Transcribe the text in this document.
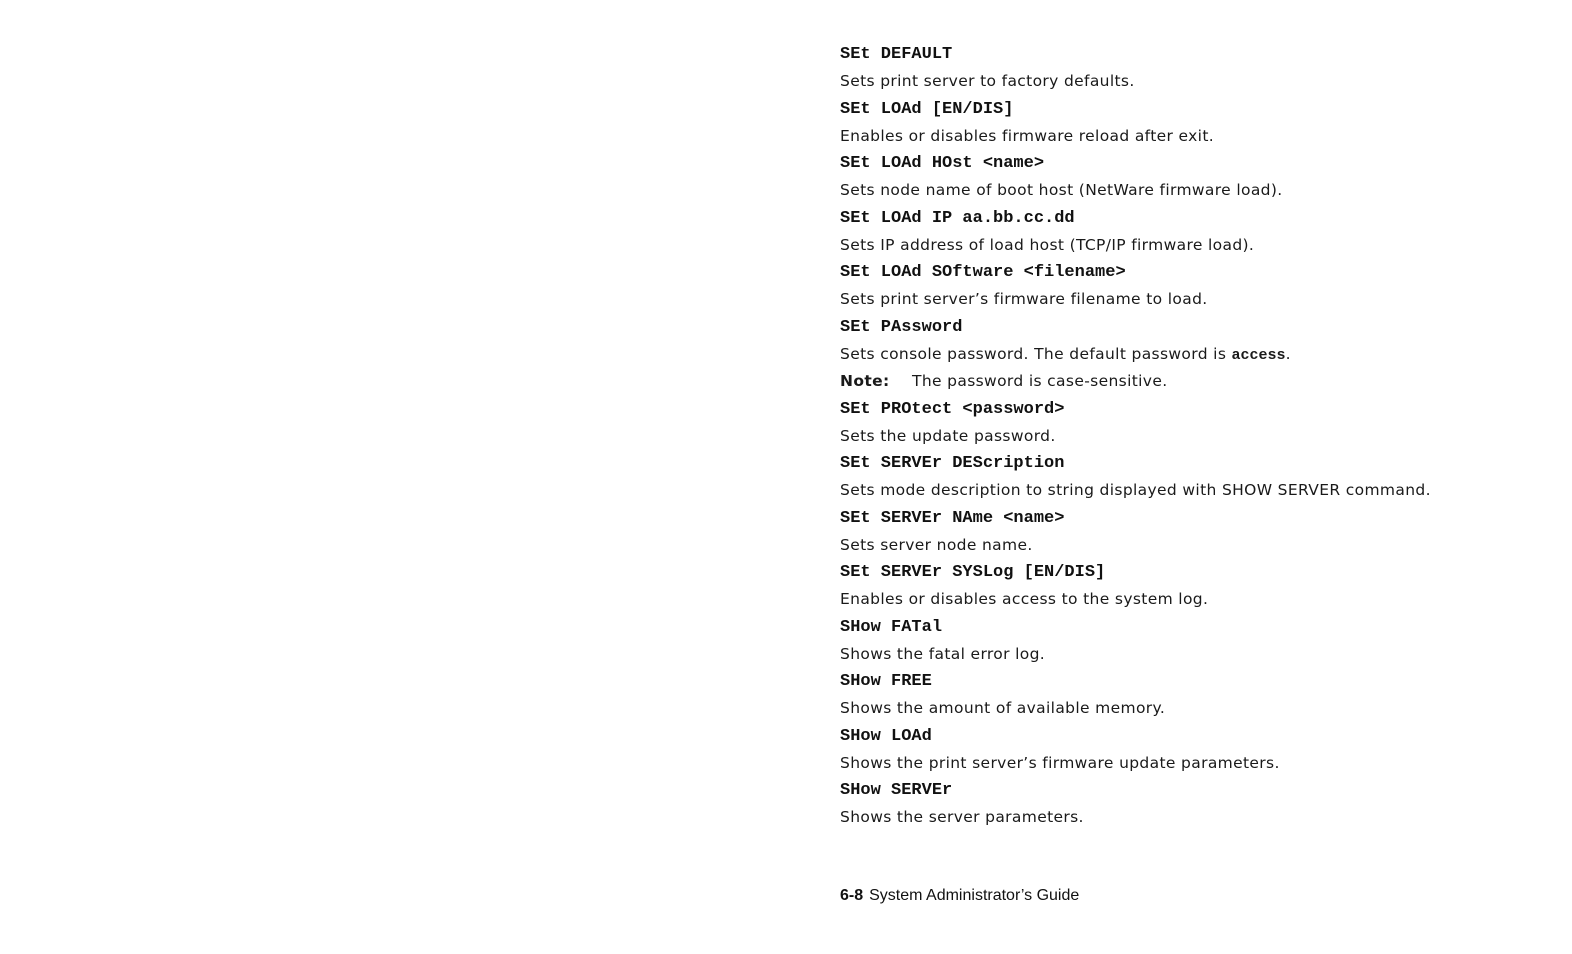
SEt DEFAULT
Sets print server to factory defaults.
SEt LOAd [EN/DIS]
Enables or disables firmware reload after exit.
SEt LOAd HOst <name>
Sets node name of boot host (NetWare firmware load).
SEt LOAd IP aa.bb.cc.dd
Sets IP address of load host (TCP/IP firmware load).
SEt LOAd SOftware <filename>
Sets print server’s firmware filename to load.
SEt PAssword
Sets console password. The default password is access.
Note: The password is case-sensitive.
SEt PROtect <password>
Sets the update password.
SEt SERVEr DEScription
Sets mode description to string displayed with SHOW SERVER command.
SEt SERVEr NAme <name>
Sets server node name.
SEt SERVEr SYSLog [EN/DIS]
Enables or disables access to the system log.
SHow FATal
Shows the fatal error log.
SHow FREE
Shows the amount of available memory.
SHow LOAd
Shows the print server’s firmware update parameters.
SHow SERVEr
Shows the server parameters.
6-8 System Administrator’s Guide
